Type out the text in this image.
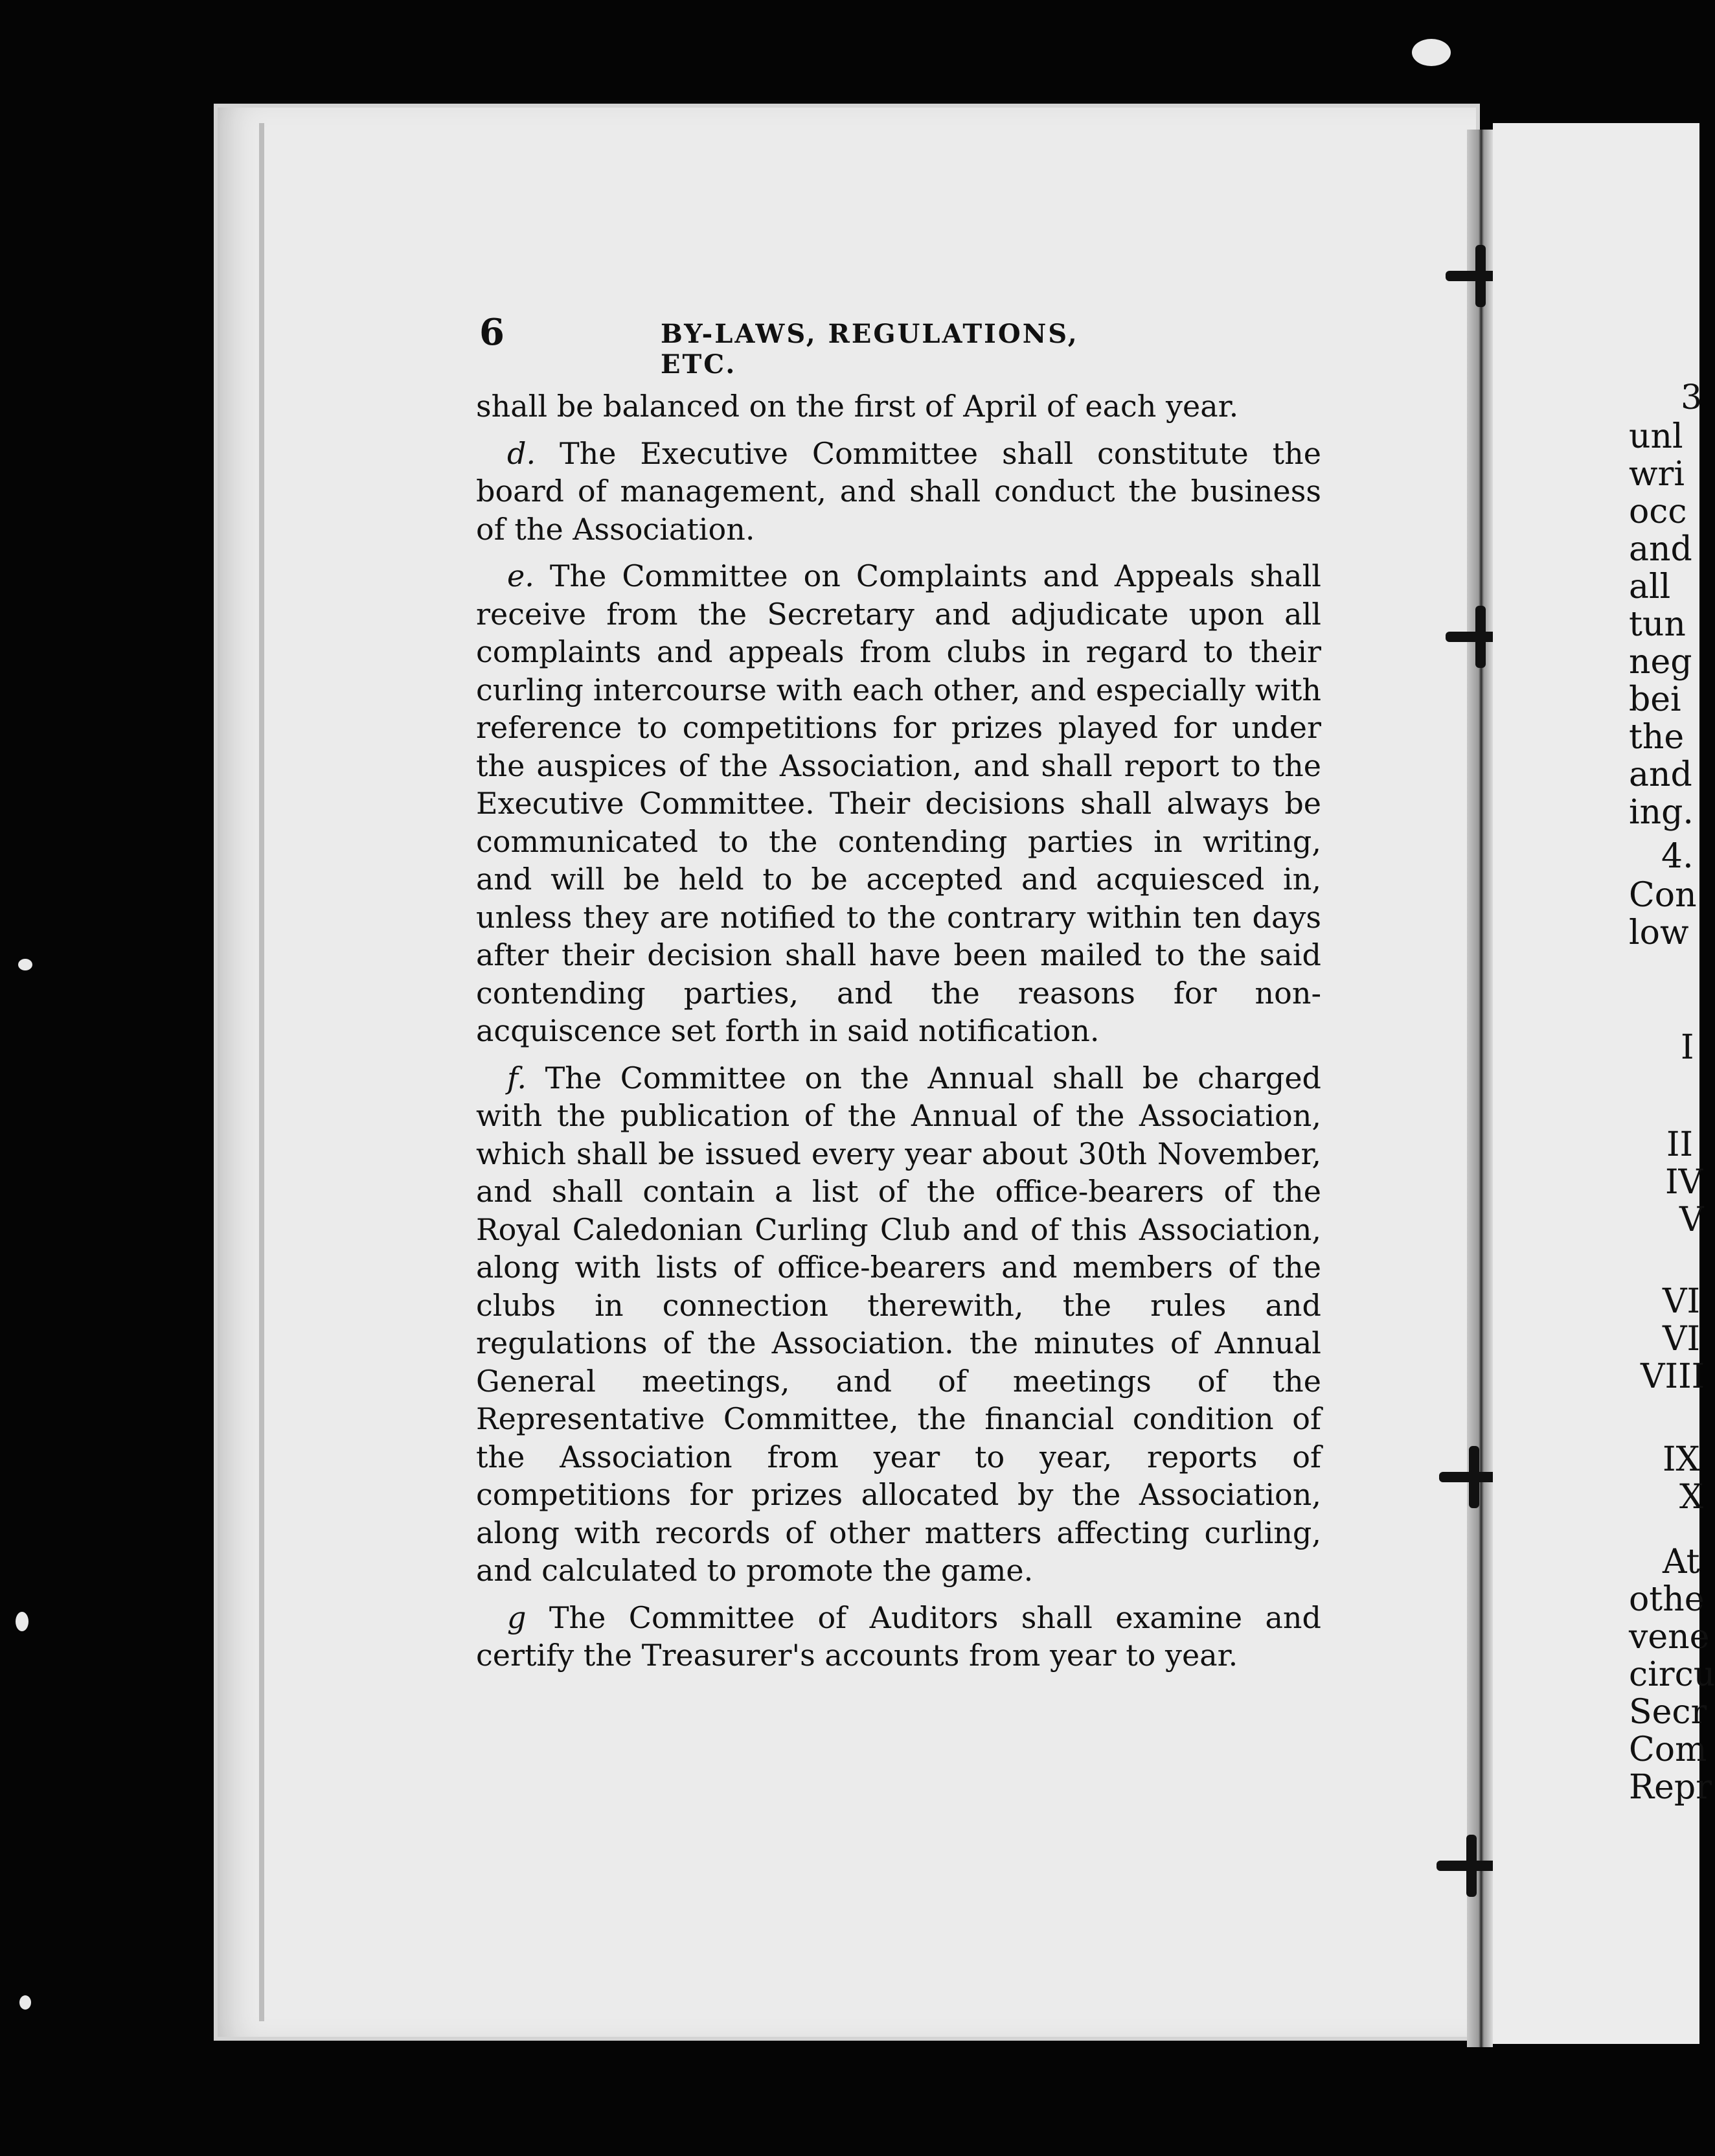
6	BY-LAWS, REGULATIONS, ETC.

shall be balanced on the first of April of each year.

d. The Executive Committee shall constitute the board of management, and shall conduct the business of the Association.

e. The Committee on Complaints and Appeals shall receive from the Secretary and adjudicate upon all complaints and appeals from clubs in regard to their curling intercourse with each other, and especially with reference to competitions for prizes played for under the auspices of the Association, and shall report to the Executive Committee. Their decisions shall always be communicated to the contending parties in writing, and will be held to be accepted and acquiesced in, unless they are notified to the contrary within ten days after their decision shall have been mailed to the said contending parties, and the reasons for non-acquiscence set forth in said notification.

f. The Committee on the Annual shall be charged with the publication of the Annual of the Association, which shall be issued every year about 30th November, and shall contain a list of the office-bearers of the Royal Caledonian Curling Club and of this Association, along with lists of office-bearers and members of the clubs in connection therewith, the rules and regulations of the Association. the minutes of Annual General meetings, and of meetings of the Representative Committee, the financial condition of the Association from year to year, reports of competitions for prizes allocated by the Association, along with records of other matters affecting curling, and calculated to promote the game.

g The Committee of Auditors shall examine and certify the Treasurer's accounts from year to year.

3
unl
wri
occ
and
all
tun
neg
bei
the
and
ing.
4.
Con
low
I
II
IV
V
VI
VI
VIII
IX
X
At
othe
vene
circu
Secr
Com
Repr
